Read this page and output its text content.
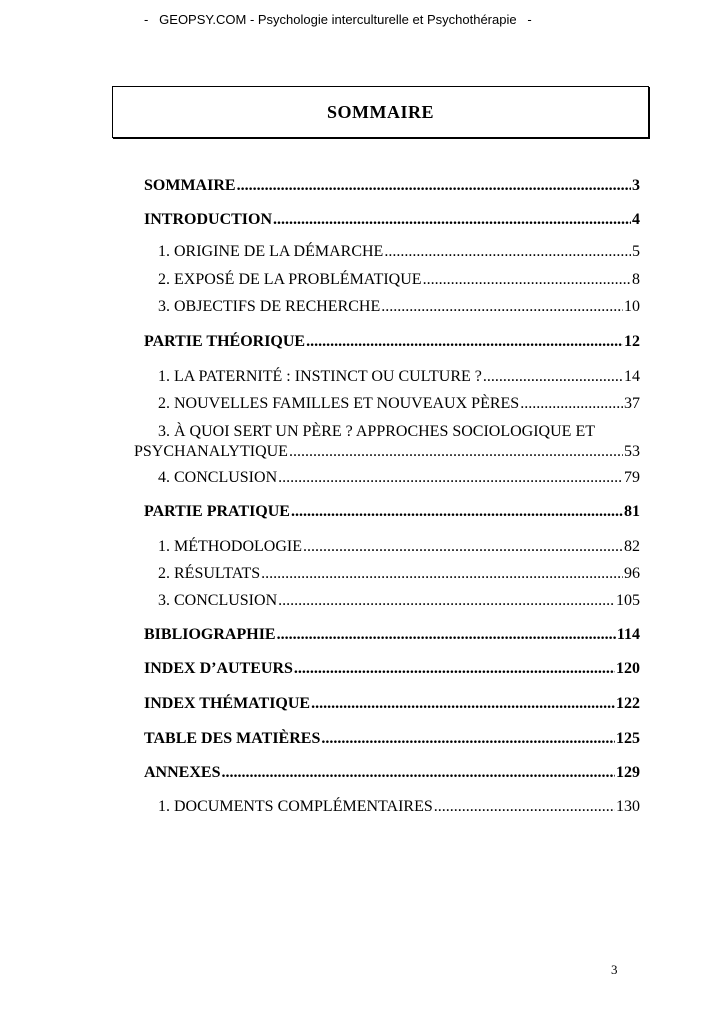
-   GEOPSY.COM - Psychologie interculturelle et Psychothérapie   -
SOMMAIRE
SOMMAIRE .....	3
INTRODUCTION .....	4
1. ORIGINE DE LA DÉMARCHE .....	5
2. EXPOSÉ DE LA PROBLÉMATIQUE .....	8
3. OBJECTIFS DE RECHERCHE .....	10
PARTIE THÉORIQUE .....	12
1. LA PATERNITÉ : INSTINCT OU CULTURE ? .....	14
2. NOUVELLES FAMILLES ET NOUVEAUX PÈRES .....	37
3. À QUOI SERT UN PÈRE ? APPROCHES SOCIOLOGIQUE ET
PSYCHANALYTIQUE .....	53
4. CONCLUSION .....	79
PARTIE PRATIQUE .....	81
1. MÉTHODOLOGIE .....	82
2. RÉSULTATS .....	96
3. CONCLUSION .....	105
BIBLIOGRAPHIE .....	114
INDEX D’AUTEURS .....	120
INDEX THÉMATIQUE .....	122
TABLE DES MATIÈRES .....	125
ANNEXES .....	129
1. DOCUMENTS COMPLÉMENTAIRES .....	130
3
